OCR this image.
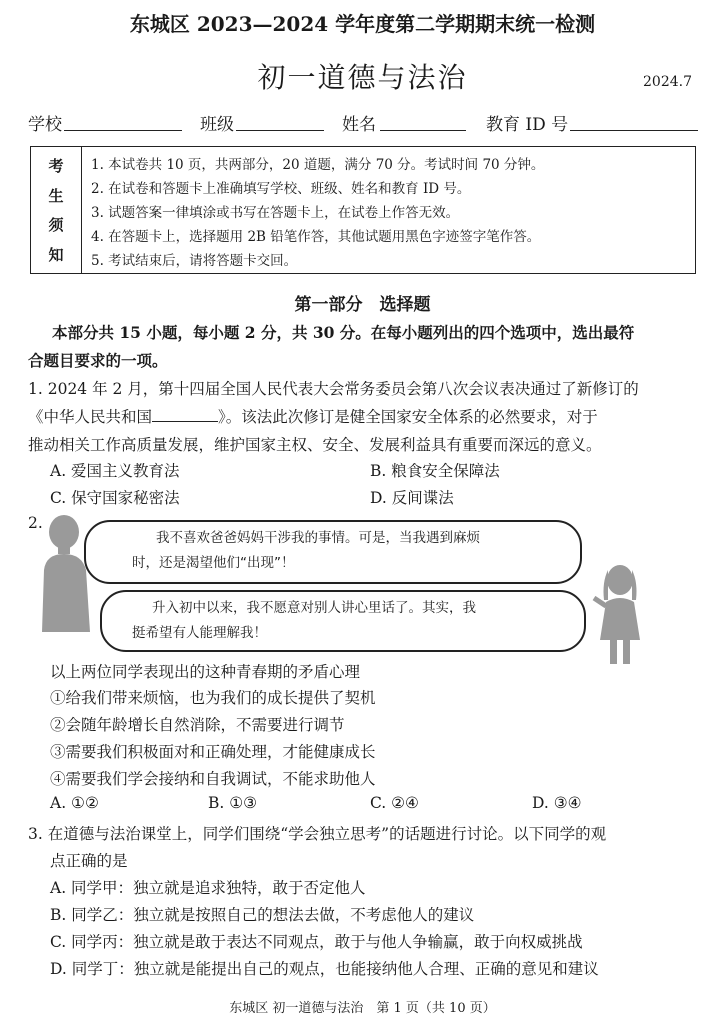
东城区 2023—2024 学年度第二学期期末统一检测
初一道德与法治	2024.7
学校	班级	姓名	教育 ID 号
考
生
须
知
1. 本试卷共 10 页，共两部分，20 道题，满分 70 分。考试时间 70 分钟。
2. 在试卷和答题卡上准确填写学校、班级、姓名和教育 ID 号。
3. 试题答案一律填涂或书写在答题卡上，在试卷上作答无效。
4. 在答题卡上，选择题用 2B 铅笔作答，其他试题用黑色字迹签字笔作答。
5. 考试结束后，请将答题卡交回。
第一部分　选择题
本部分共 15 小题，每小题 2 分，共 30 分。在每小题列出的四个选项中，选出最符
合题目要求的一项。
1. 2024 年 2 月，第十四届全国人民代表大会常务委员会第八次会议表决通过了新修订的
《中华人民共和国	》。该法此次修订是健全国家安全体系的必然要求，对于
推动相关工作高质量发展，维护国家主权、安全、发展利益具有重要而深远的意义。
A. 爱国主义教育法	B. 粮食安全保障法
C. 保守国家秘密法	D. 反间谍法
2.
我不喜欢爸爸妈妈干涉我的事情。可是，当我遇到麻烦
时，还是渴望他们“出现”！
升入初中以来，我不愿意对别人讲心里话了。其实，我
挺希望有人能理解我！
以上两位同学表现出的这种青春期的矛盾心理
①给我们带来烦恼，也为我们的成长提供了契机
②会随年龄增长自然消除，不需要进行调节
③需要我们积极面对和正确处理，才能健康成长
④需要我们学会接纳和自我调试，不能求助他人
A. ①②	B. ①③	C. ②④	D. ③④
3. 在道德与法治课堂上，同学们围绕“学会独立思考”的话题进行讨论。以下同学的观
点正确的是
A. 同学甲：独立就是追求独特，敢于否定他人
B. 同学乙：独立就是按照自己的想法去做，不考虑他人的建议
C. 同学丙：独立就是敢于表达不同观点，敢于与他人争输赢，敢于向权威挑战
D. 同学丁：独立就是能提出自己的观点，也能接纳他人合理、正确的意见和建议
东城区 初一道德与法治　第 1 页（共 10 页）
